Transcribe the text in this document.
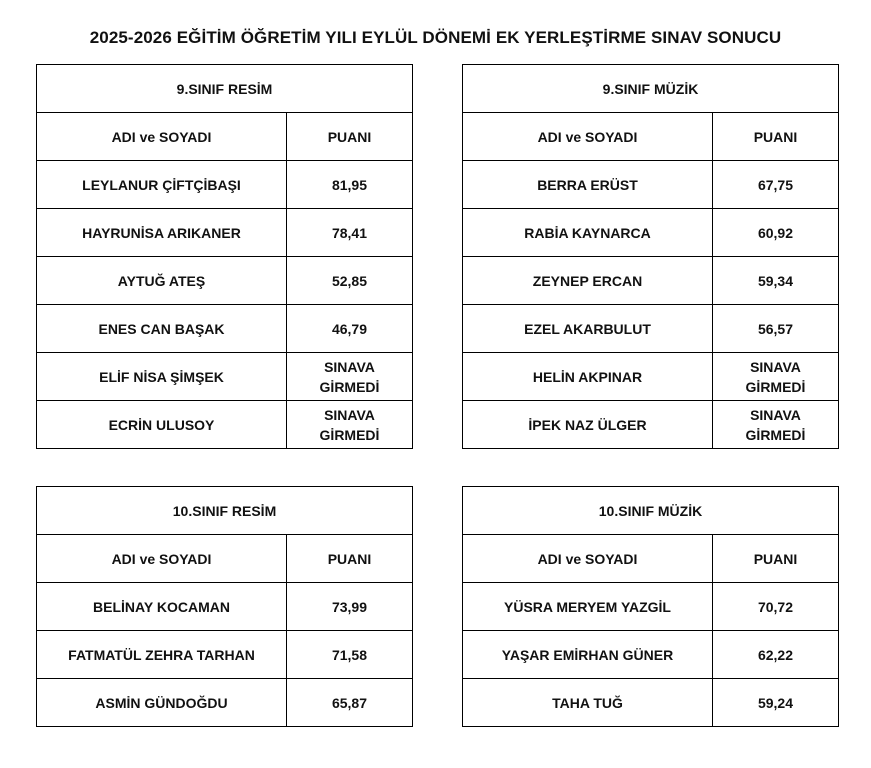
2025-2026 EĞİTİM ÖĞRETİM YILI EYLÜL DÖNEMİ EK YERLEŞTİRME SINAV SONUCU
9.SINIF RESİM	
ADI ve SOYADI	PUANI
LEYLANUR ÇİFTÇİBAŞI	81,95
HAYRUNİSA ARIKANER	78,41
AYTUĞ ATEŞ	52,85
ENES CAN BAŞAK	46,79
ELİF NİSA ŞİMŞEK	SINAVA
GİRMEDİ
ECRİN ULUSOY	SINAVA
GİRMEDİ
9.SINIF MÜZİK	
ADI ve SOYADI	PUANI
BERRA ERÜST	67,75
RABİA KAYNARCA	60,92
ZEYNEP ERCAN	59,34
EZEL AKARBULUT	56,57
HELİN AKPINAR	SINAVA
GİRMEDİ
İPEK NAZ ÜLGER	SINAVA
GİRMEDİ
10.SINIF RESİM	
ADI ve SOYADI	PUANI
BELİNAY KOCAMAN	73,99
FATMATÜL ZEHRA TARHAN	71,58
ASMİN GÜNDOĞDU	65,87
10.SINIF MÜZİK	
ADI ve SOYADI	PUANI
YÜSRA MERYEM YAZGİL	70,72
YAŞAR EMİRHAN GÜNER	62,22
TAHA TUĞ	59,24
